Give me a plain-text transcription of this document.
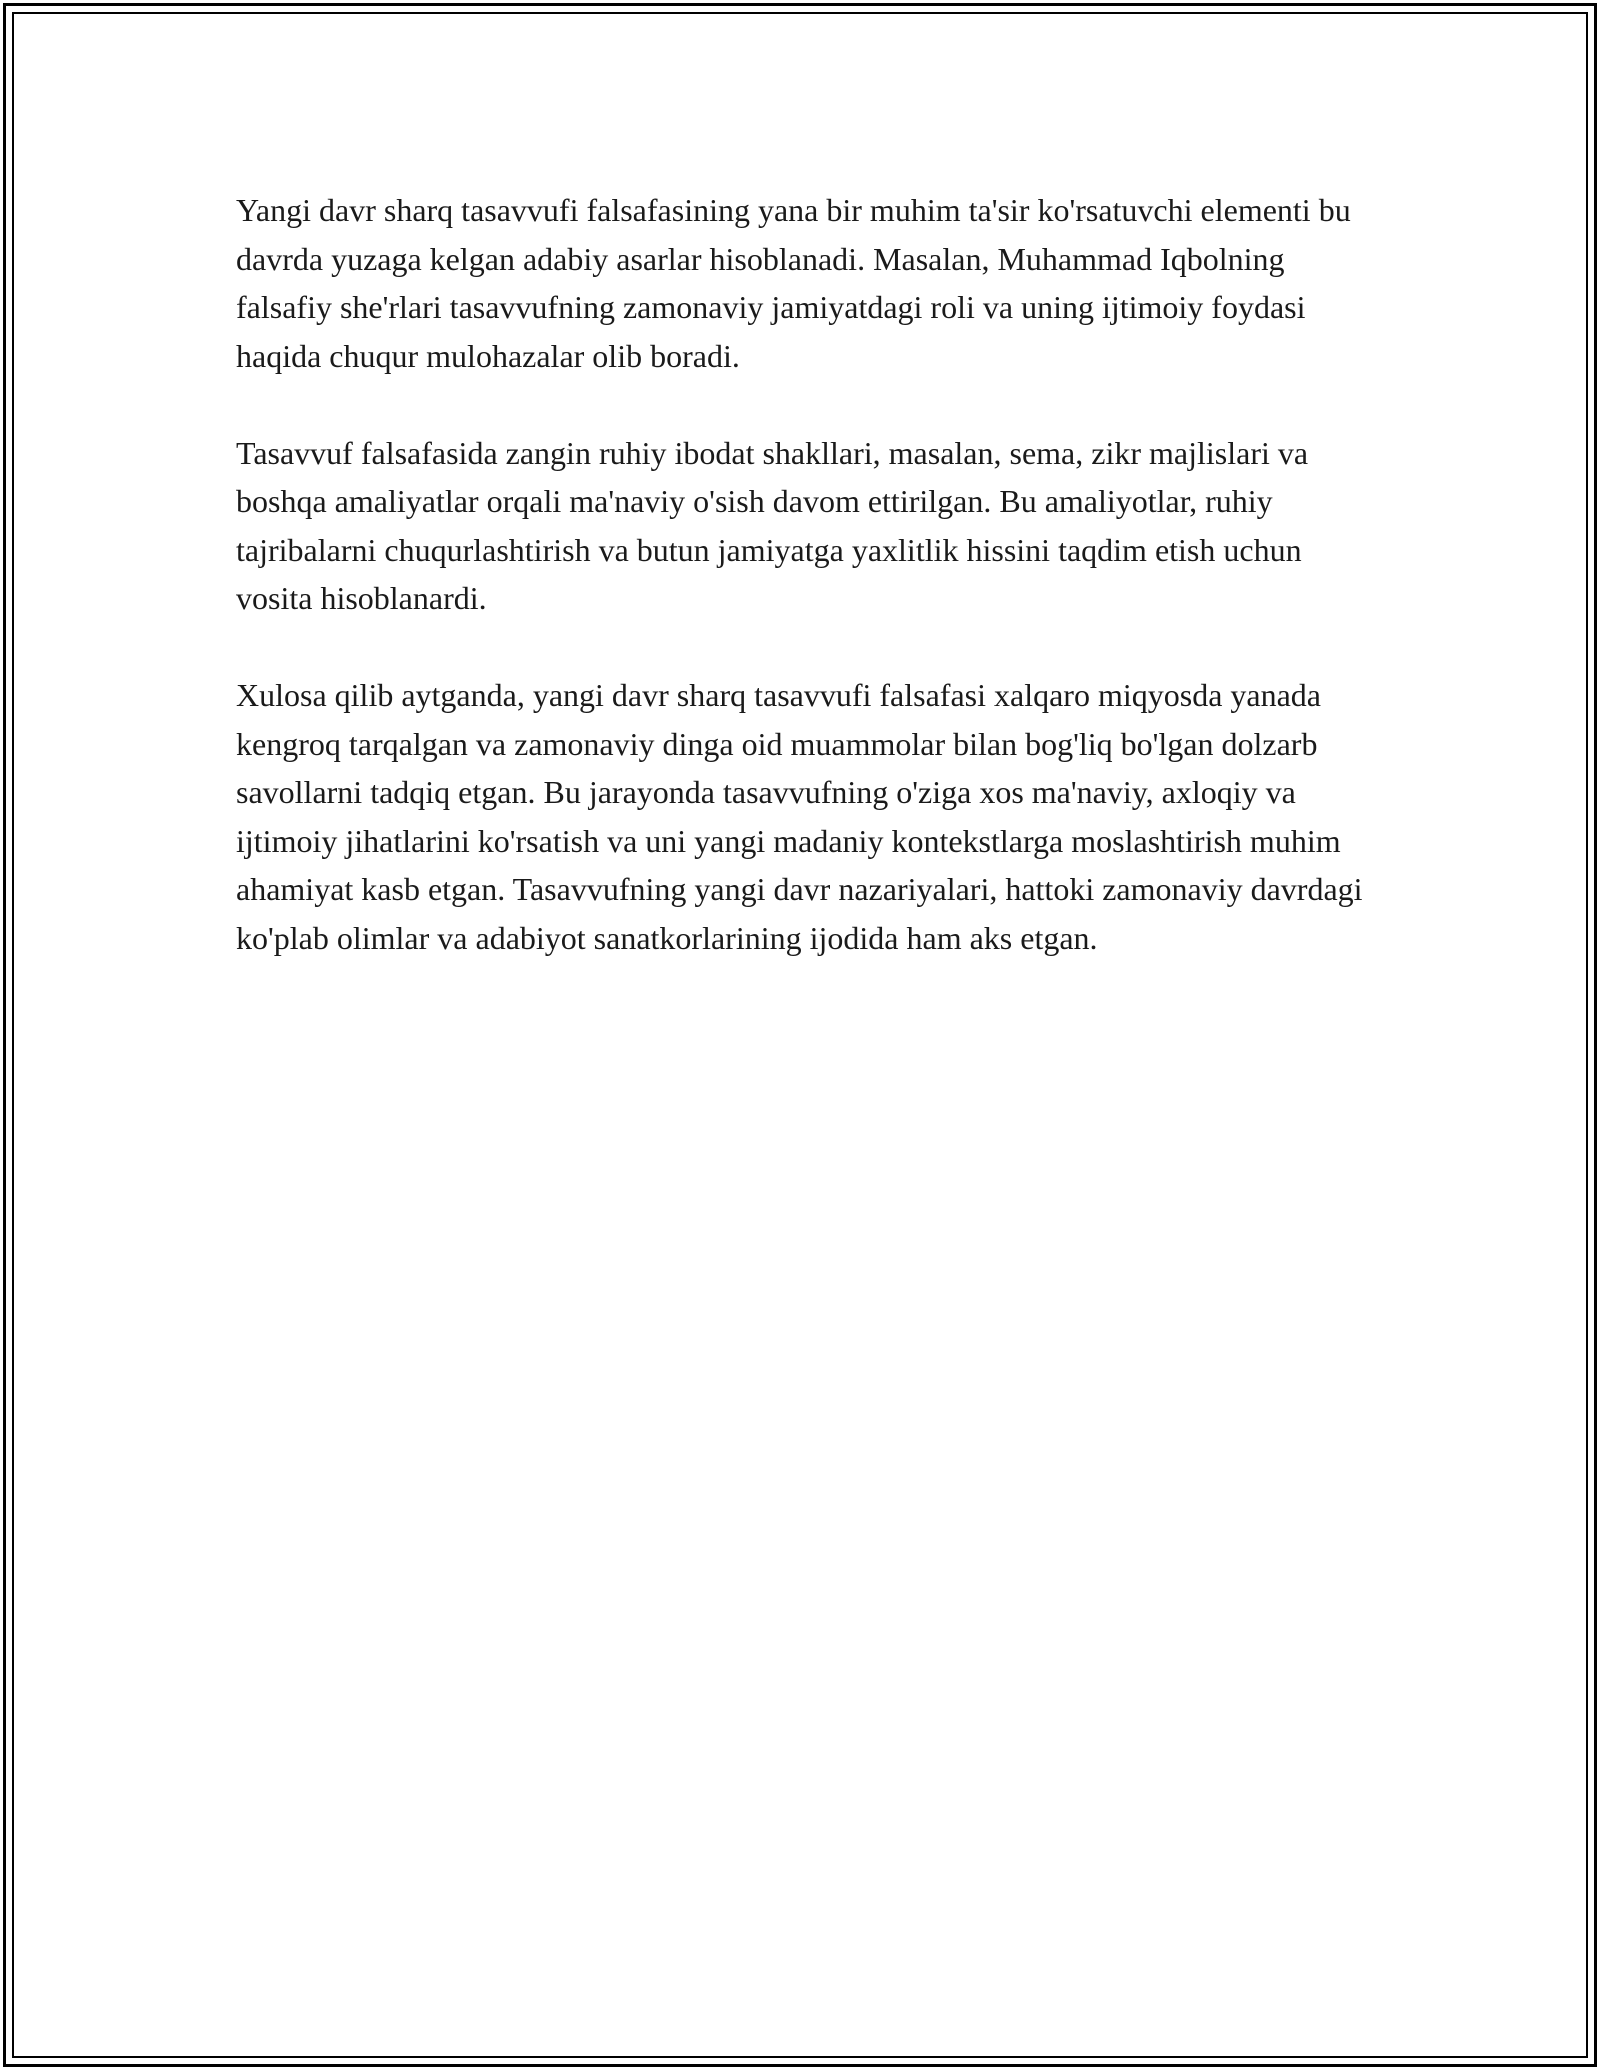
Yangi davr sharq tasavvufi falsafasining yana bir muhim ta'sir ko'rsatuvchi elementi bu davrda yuzaga kelgan adabiy asarlar hisoblanadi. Masalan, Muhammad Iqbolning falsafiy she'rlari tasavvufning zamonaviy jamiyatdagi roli va uning ijtimoiy foydasi haqida chuqur mulohazalar olib boradi.

Tasavvuf falsafasida zangin ruhiy ibodat shakllari, masalan, sema, zikr majlislari va boshqa amaliyatlar orqali ma'naviy o'sish davom ettirilgan. Bu amaliyotlar, ruhiy tajribalarni chuqurlashtirish va butun jamiyatga yaxlitlik hissini taqdim etish uchun vosita hisoblanardi.

Xulosa qilib aytganda, yangi davr sharq tasavvufi falsafasi xalqaro miqyosda yanada kengroq tarqalgan va zamonaviy dinga oid muammolar bilan bog'liq bo'lgan dolzarb savollarni tadqiq etgan. Bu jarayonda tasavvufning o'ziga xos ma'naviy, axloqiy va ijtimoiy jihatlarini ko'rsatish va uni yangi madaniy kontekstlarga moslashtirish muhim ahamiyat kasb etgan. Tasavvufning yangi davr nazariyalari, hattoki zamonaviy davrdagi ko'plab olimlar va adabiyot sanatkorlarining ijodida ham aks etgan.
